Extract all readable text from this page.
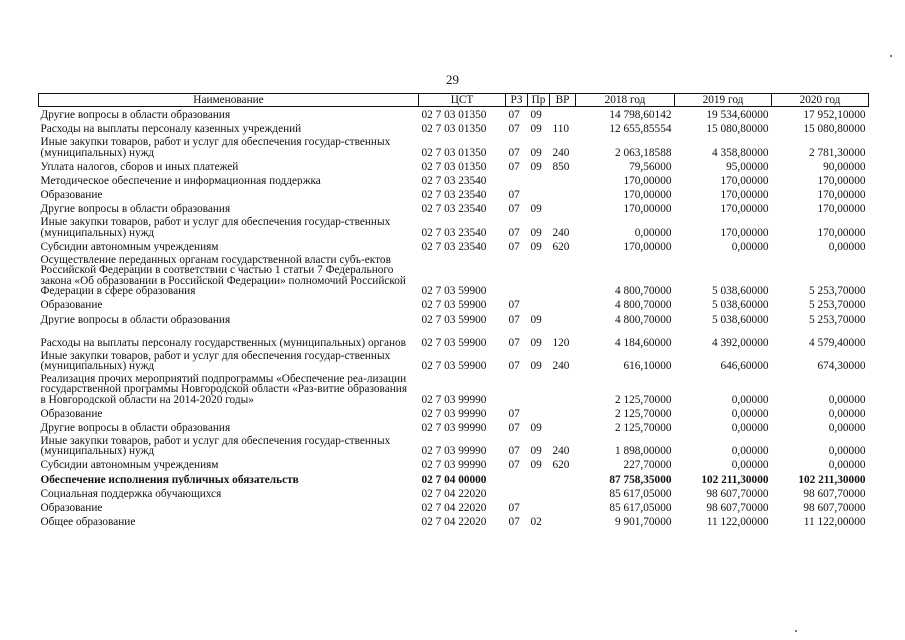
29
Наименование	ЦСТ	РЗ	Пр	ВР	2018 год	2019 год	2020 год
Другие вопросы в области образования	02 7 03 01350	07	09		14 798,60142	19 534,60000	17 952,10000
Расходы на выплаты персоналу казенных учреждений	02 7 03 01350	07	09	110	12 655,85554	15 080,80000	15 080,80000
Иные закупки товаров, работ и услуг для обеспечения государ-ственных (муниципальных) нужд	02 7 03 01350	07	09	240	2 063,18588	4 358,80000	2 781,30000
Уплата налогов, сборов и иных платежей	02 7 03 01350	07	09	850	79,56000	95,00000	90,00000
Методическое обеспечение и информационная поддержка	02 7 03 23540				170,00000	170,00000	170,00000
Образование	02 7 03 23540	07			170,00000	170,00000	170,00000
Другие вопросы в области образования	02 7 03 23540	07	09		170,00000	170,00000	170,00000
Иные закупки товаров, работ и услуг для обеспечения государ-ственных (муниципальных) нужд	02 7 03 23540	07	09	240	0,00000	170,00000	170,00000
Субсидии автономным учреждениям	02 7 03 23540	07	09	620	170,00000	0,00000	0,00000
Осуществление переданных органам государственной власти субъ-ектов Российской Федерации в соответствии с частью 1 статьи 7 Федерального закона «Об образовании в Российской Федерации» полномочий Российской Федерации в сфере образования	02 7 03 59900				4 800,70000	5 038,60000	5 253,70000
Образование	02 7 03 59900	07			4 800,70000	5 038,60000	5 253,70000
Другие вопросы в области образования	02 7 03 59900	07	09		4 800,70000	5 038,60000	5 253,70000
Расходы на выплаты персоналу государственных (муниципальных) органов	02 7 03 59900	07	09	120	4 184,60000	4 392,00000	4 579,40000
Иные закупки товаров, работ и услуг для обеспечения государ-ственных (муниципальных) нужд	02 7 03 59900	07	09	240	616,10000	646,60000	674,30000
Реализация прочих мероприятий подпрограммы «Обеспечение реа-лизации государственной программы Новгородской области «Раз-витие образования в Новгородской области на 2014-2020 годы»	02 7 03 99990				2 125,70000	0,00000	0,00000
Образование	02 7 03 99990	07			2 125,70000	0,00000	0,00000
Другие вопросы в области образования	02 7 03 99990	07	09		2 125,70000	0,00000	0,00000
Иные закупки товаров, работ и услуг для обеспечения государ-ственных (муниципальных) нужд	02 7 03 99990	07	09	240	1 898,00000	0,00000	0,00000
Субсидии автономным учреждениям	02 7 03 99990	07	09	620	227,70000	0,00000	0,00000
Обеспечение исполнения публичных обязательств	02 7 04 00000				87 758,35000	102 211,30000	102 211,30000
Социальная поддержка обучающихся	02 7 04 22020				85 617,05000	98 607,70000	98 607,70000
Образование	02 7 04 22020	07			85 617,05000	98 607,70000	98 607,70000
Общее образование	02 7 04 22020	07	02		9 901,70000	11 122,00000	11 122,00000
